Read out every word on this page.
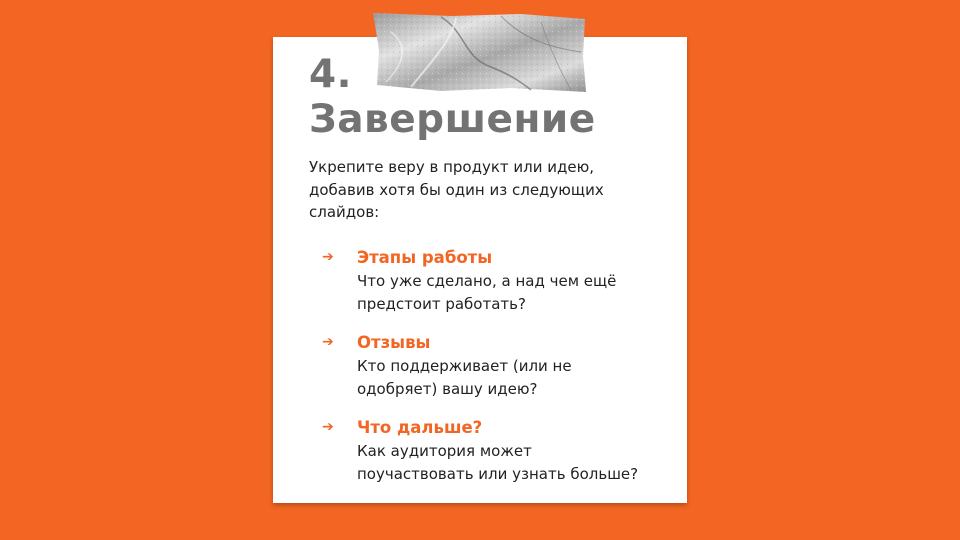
4.
Завершение

Укрепите веру в продукт или идею, добавив хотя бы один из следующих слайдов:

➔ Этапы работы
Что уже сделано, а над чем ещё предстоит работать?
➔ Отзывы
Кто поддерживает (или не одобряет) вашу идею?
➔ Что дальше?
Как аудитория может поучаствовать или узнать больше?
